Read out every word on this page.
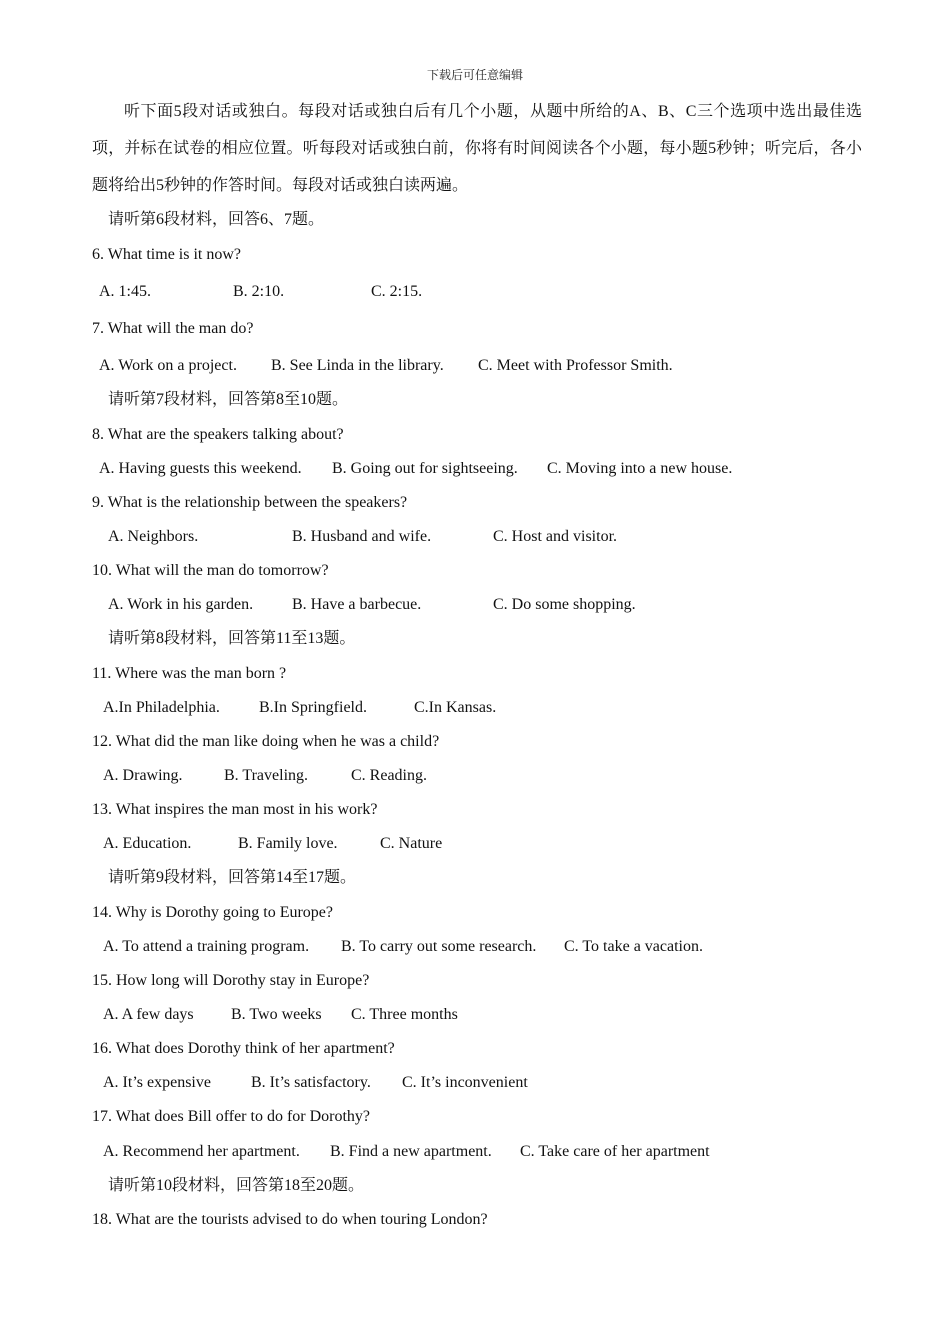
下载后可任意编辑
听下面5段对话或独白。每段对话或独白后有几个小题，从题中所给的A、B、C三个选项中选出最佳选项，并标在试卷的相应位置。听每段对话或独白前，你将有时间阅读各个小题，每小题5秒钟；听完后，各小题将给出5秒钟的作答时间。每段对话或独白读两遍。
请听第6段材料，回答6、7题。
6. What time is it now?
A. 1:45.	B. 2:10.	C. 2:15.
7. What will the man do?
A. Work on a project. B. See Linda in the library. C. Meet with Professor Smith.
请听第7段材料，回答第8至10题。
8. What are the speakers talking about?
A. Having guests this weekend. B. Going out for sightseeing. C. Moving into a new house.
9. What is the relationship between the speakers?
A. Neighbors.	B. Husband and wife.	C. Host and visitor.
10. What will the man do tomorrow?
A. Work in his garden. B. Have a barbecue.	C. Do some shopping.
请听第8段材料，回答第11至13题。
11. Where was the man born ?
A.In Philadelphia. B.In Springfield.	C.In Kansas.
12. What did the man like doing when he was a child?
A. Drawing.	B. Traveling.	C. Reading.
13. What inspires the man most in his work?
A. Education.	B. Family love.	C. Nature
请听第9段材料，回答第14至17题。
14. Why is Dorothy going to Europe?
A. To attend a training program. B. To carry out some research. C. To take a vacation.
15. How long will Dorothy stay in Europe?
A. A few days B. Two weeks C. Three months
16. What does Dorothy think of her apartment?
A. It’s expensive	B. It’s satisfactory. C. It’s inconvenient
17. What does Bill offer to do for Dorothy?
A. Recommend her apartment. B. Find a new apartment. C. Take care of her apartment
请听第10段材料，回答第18至20题。
18. What are the tourists advised to do when touring London?
